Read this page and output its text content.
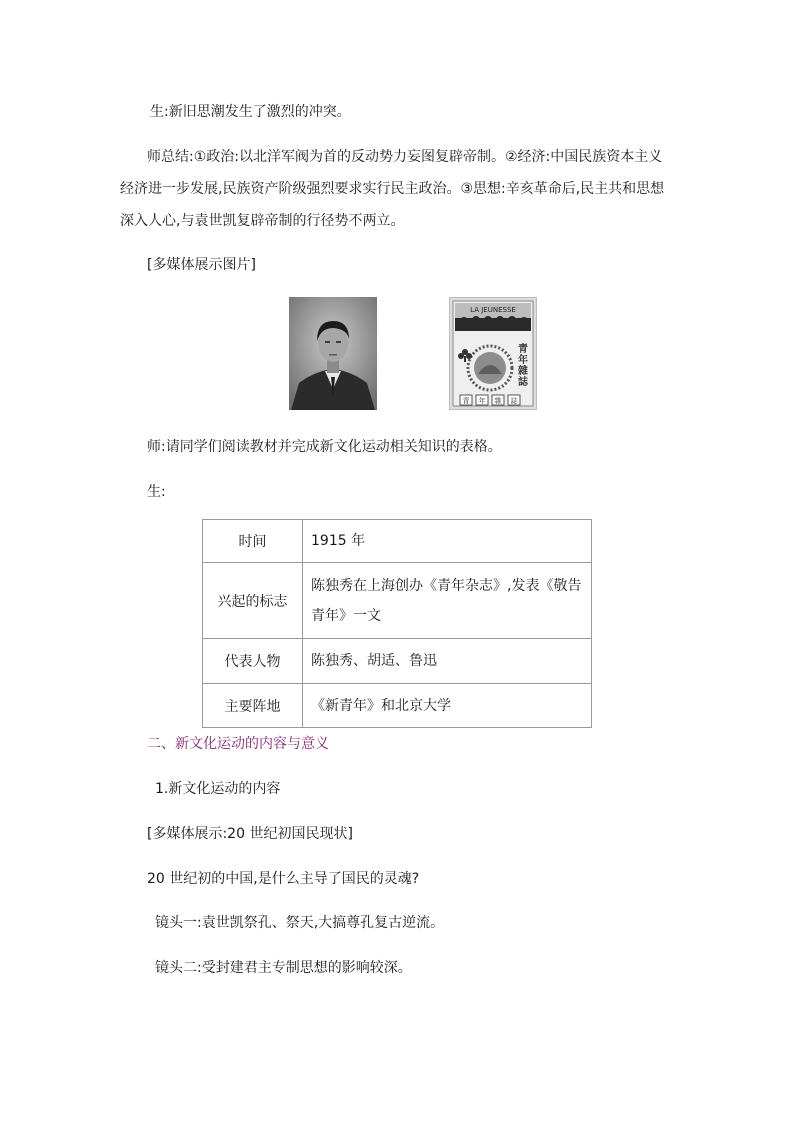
生:新旧思潮发生了激烈的冲突。
师总结:①政治:以北洋军阀为首的反动势力妄图复辟帝制。②经济:中国民族资本主义
经济进一步发展,民族资产阶级强烈要求实行民主政治。③思想:辛亥革命后,民主共和思想
深入人心,与袁世凯复辟帝制的行径势不两立。
[多媒体展示图片]
LA JEUNESSE
青
年
雜
誌
青 年 雜 誌
师:请同学们阅读教材并完成新文化运动相关知识的表格。
生:
时间	1915 年
兴起的标志	陈独秀在上海创办《青年杂志》,发表《敬告
青年》一文

代表人物	陈独秀、胡适、鲁迅
主要阵地	《新青年》和北京大学
二、新文化运动的内容与意义
1.新文化运动的内容
[多媒体展示:20 世纪初国民现状]
20 世纪初的中国,是什么主导了国民的灵魂?
镜头一:袁世凯祭孔、祭天,大搞尊孔复古逆流。
镜头二:受封建君主专制思想的影响较深。
